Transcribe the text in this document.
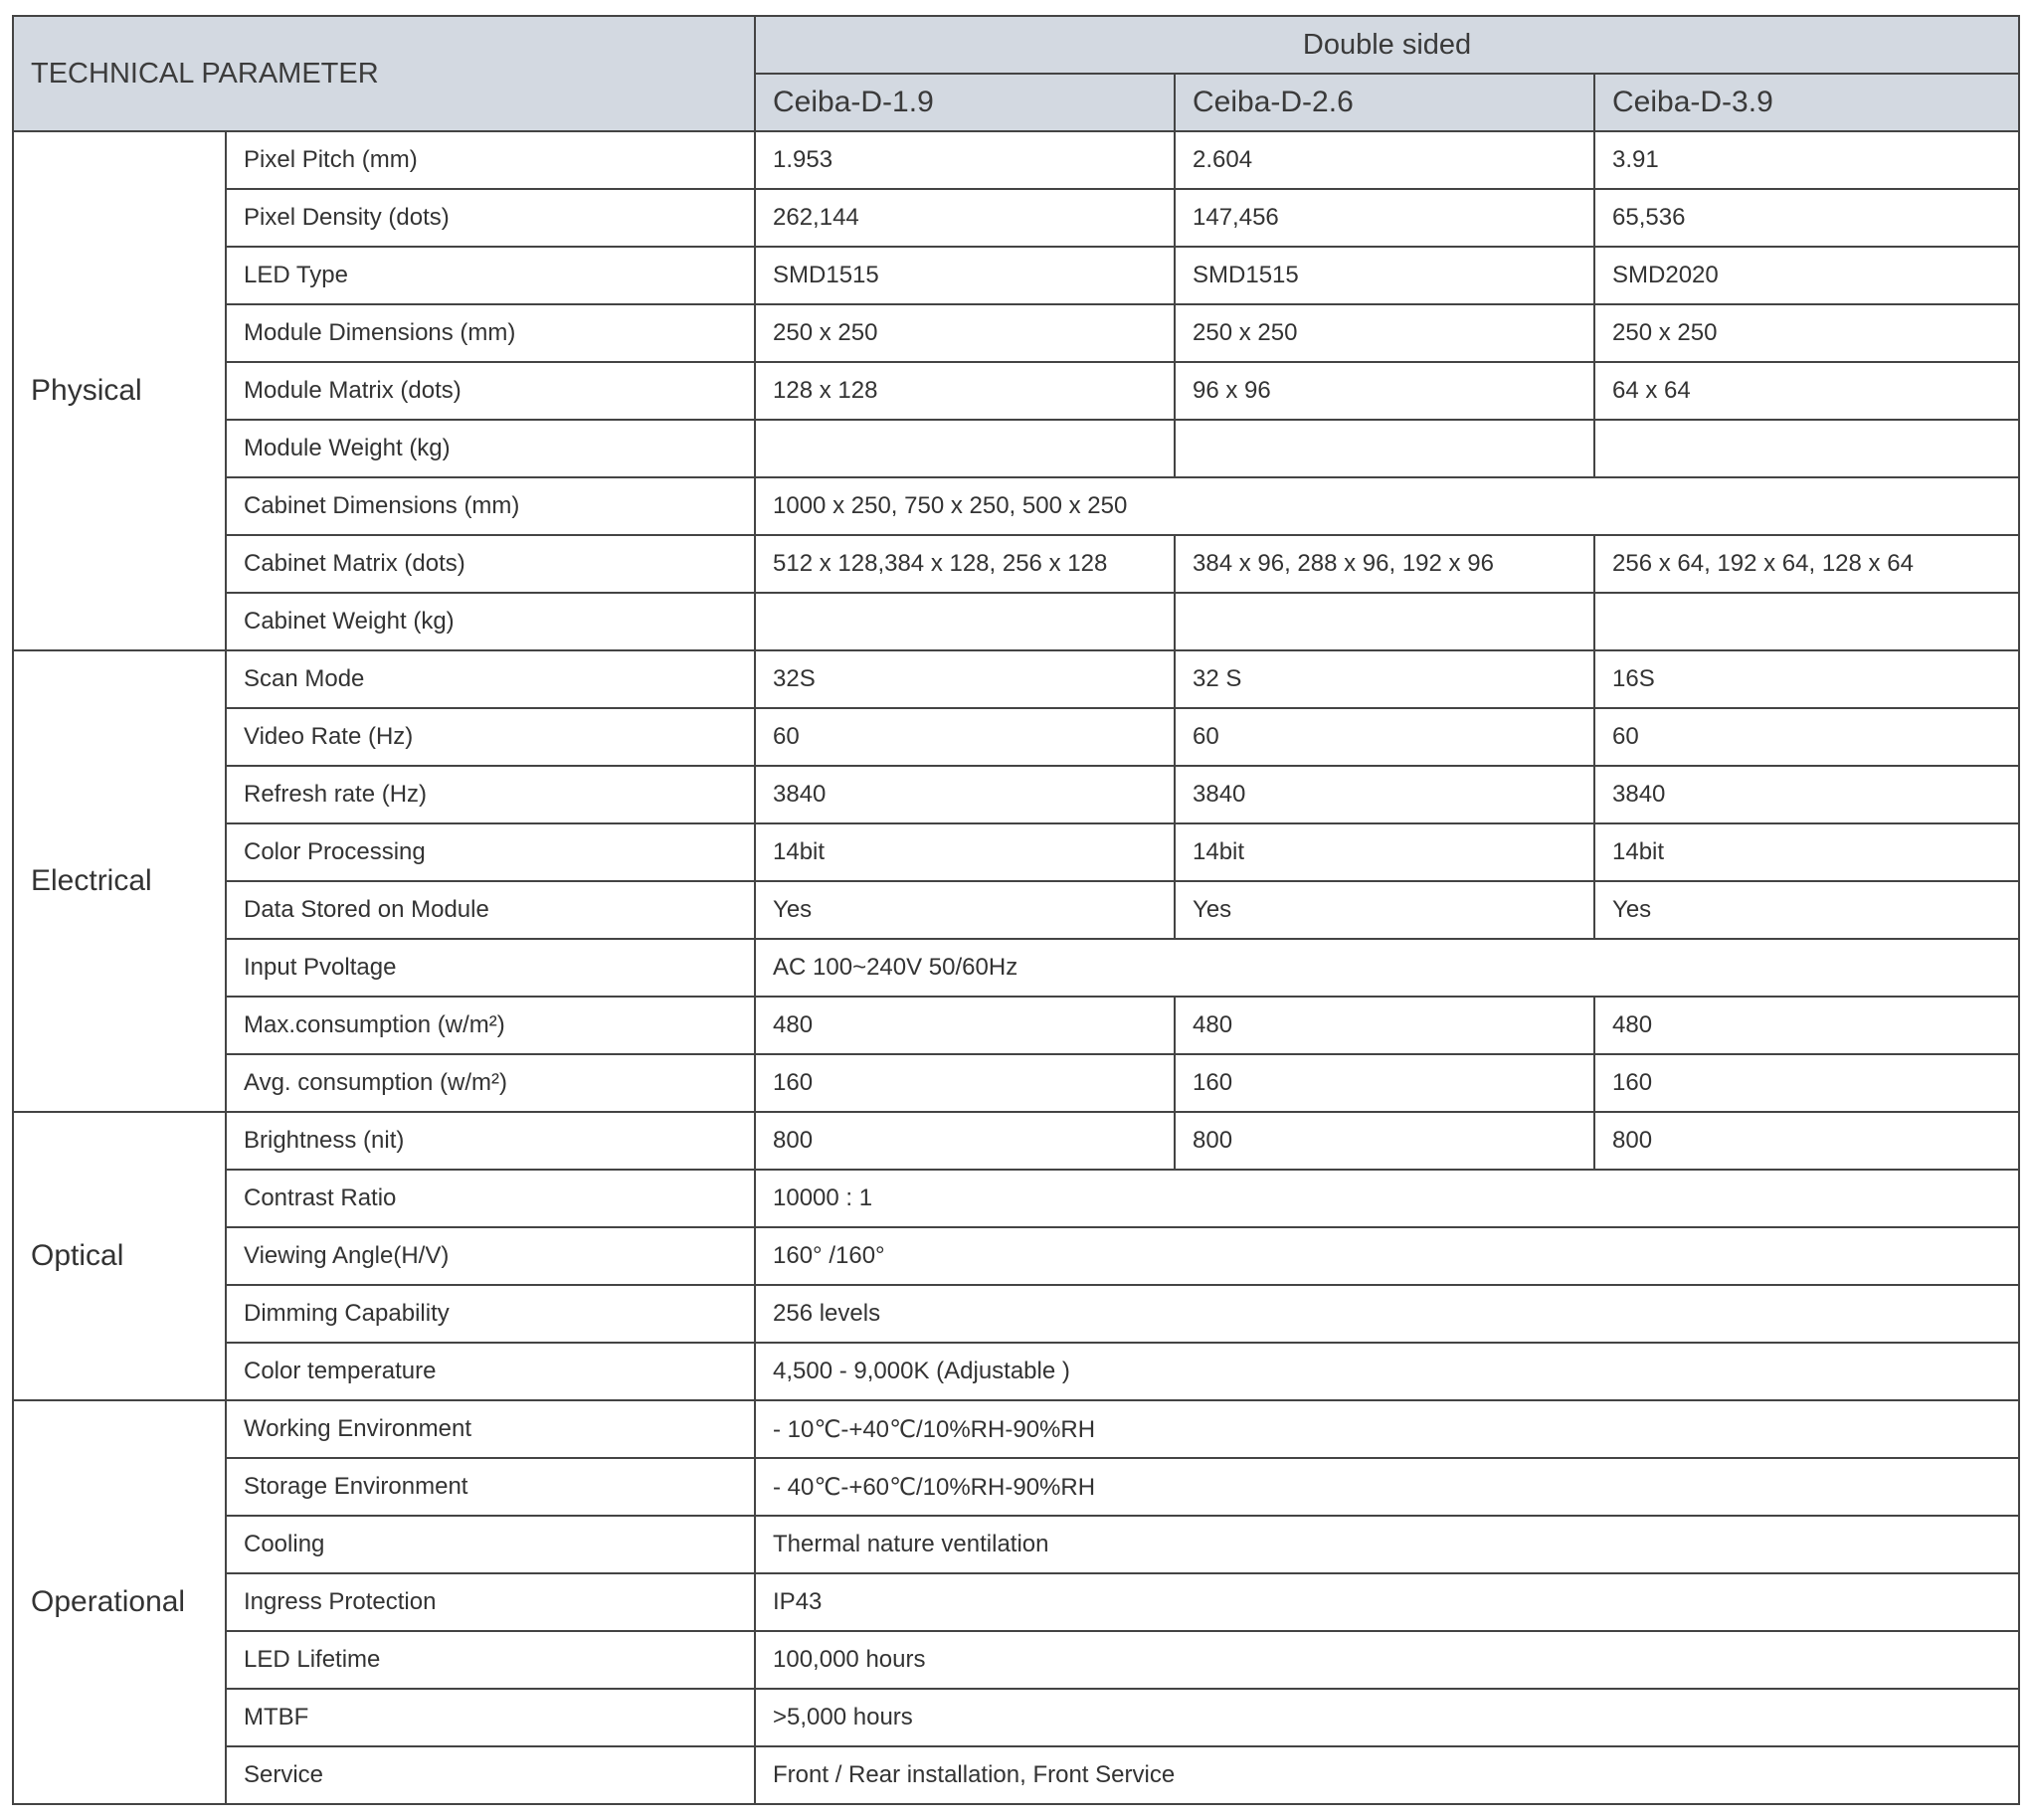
TECHNICAL PARAMETER		Double sided		
		Ceiba-D-1.9	Ceiba-D-2.6	Ceiba-D-3.9
Physical	Pixel Pitch (mm)	1.953	2.604	3.91
	Pixel Density (dots)	262,144	147,456	65,536
	LED Type	SMD1515	SMD1515	SMD2020
	Module Dimensions (mm)	250 x 250	250 x 250	250 x 250
	Module Matrix (dots)	128 x 128	96 x 96	64 x 64
	Module Weight (kg)			
	Cabinet Dimensions (mm)	1000 x 250, 750 x 250, 500 x 250		
	Cabinet Matrix (dots)	512 x 128,384 x 128, 256 x 128	384 x 96, 288 x 96, 192 x 96	256 x 64, 192 x 64, 128 x 64
	Cabinet Weight (kg)			
Electrical	Scan Mode	32S	32 S	16S
	Video Rate (Hz)	60	60	60
	Refresh rate (Hz)	3840	3840	3840
	Color Processing	14bit	14bit	14bit
	Data Stored on Module	Yes	Yes	Yes
	Input Pvoltage	AC 100~240V 50/60Hz		
	Max.consumption (w/m²)	480	480	480
	Avg. consumption (w/m²)	160	160	160
Optical	Brightness (nit)	800	800	800
	Contrast Ratio	10000 : 1		
	Viewing Angle(H/V)	160° /160°		
	Dimming Capability	256 levels		
	Color temperature	4,500 - 9,000K (Adjustable )		
Operational	Working Environment	- 10℃-+40℃/10%RH-90%RH		
	Storage Environment	- 40℃-+60℃/10%RH-90%RH		
	Cooling	Thermal nature ventilation		
	Ingress Protection	IP43		
	LED Lifetime	100,000 hours		
	MTBF	>5,000 hours		
	Service	Front / Rear installation, Front Service		
